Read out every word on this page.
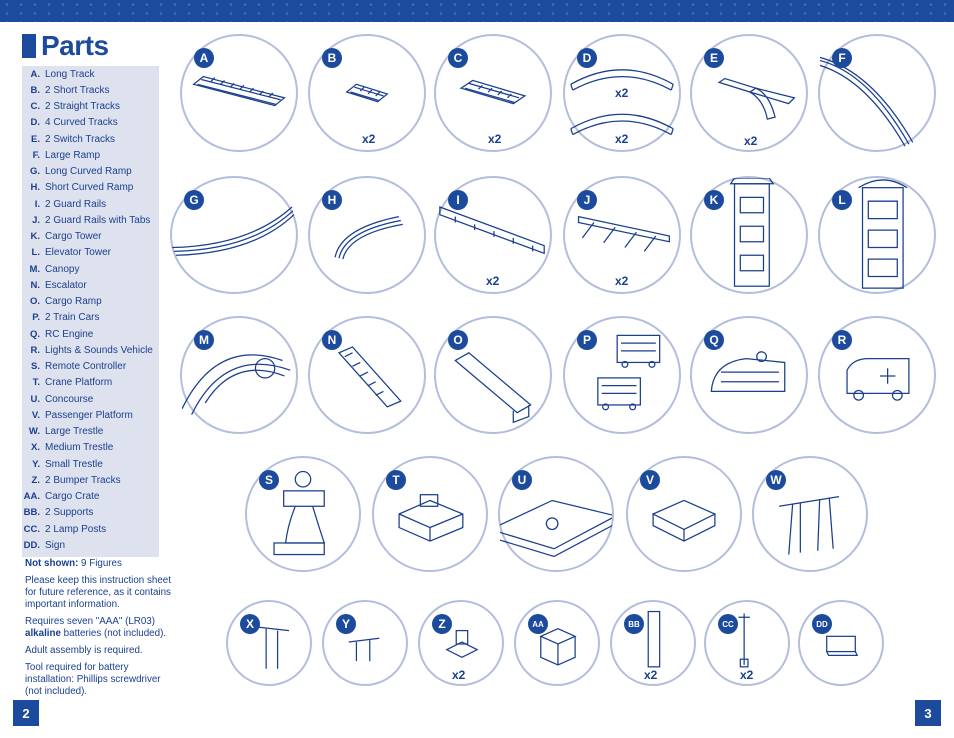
Parts
A. Long Track
B. 2 Short Tracks
C. 2 Straight Tracks
D. 4 Curved Tracks
E. 2 Switch Tracks
F. Large Ramp
G. Long Curved Ramp
H. Short Curved Ramp
I. 2 Guard Rails
J. 2 Guard Rails with Tabs
K. Cargo Tower
L. Elevator Tower
M. Canopy
N. Escalator
O. Cargo Ramp
P. 2 Train Cars
Q. RC Engine
R. Lights & Sounds Vehicle
S. Remote Controller
T. Crane Platform
U. Concourse
V. Passenger Platform
W. Large Trestle
X. Medium Trestle
Y. Small Trestle
Z. 2 Bumper Tracks
AA. Cargo Crate
BB. 2 Supports
CC. 2 Lamp Posts
DD. Sign

Not shown: 9 Figures

Please keep this instruction sheet for future reference, as it contains important information.

Requires seven "AAA" (LR03) alkaline batteries (not included).

Adult assembly is required.

Tool required for battery installation: Phillips screwdriver (not included).

2	3
A	B
x2
C
x2
D
x2
x2
E
x2
F
G	H	I
x2
J
x2
K	L
M	N	O	P	Q	R
S	T	U	V	W
X	Y	Z
x2
AA	BB
x2
CC
x2
DD
